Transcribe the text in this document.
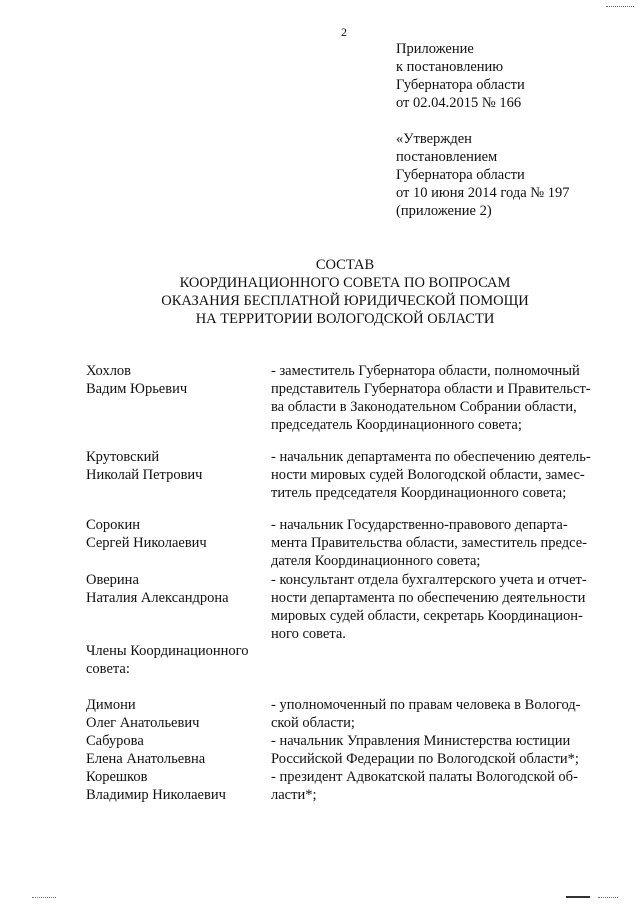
2
Приложение
к постановлению
Губернатора области
от 02.04.2015 № 166
«Утвержден
постановлением
Губернатора области
от 10 июня 2014 года № 197
(приложение 2)
СОСТАВ
КООРДИНАЦИОННОГО СОВЕТА ПО ВОПРОСАМ
ОКАЗАНИЯ БЕСПЛАТНОЙ ЮРИДИЧЕСКОЙ ПОМОЩИ
НА ТЕРРИТОРИИ ВОЛОГОДСКОЙ ОБЛАСТИ
Хохлов
Вадим Юрьевич
- заместитель Губернатора области, полномочный
представитель Губернатора области и Правительст-
ва области в Законодательном Собрании области,
председатель Координационного совета;
Крутовский
Николай Петрович
- начальник департамента по обеспечению деятель-
ности мировых судей Вологодской области, замес-
титель председателя Координационного совета;
Сорокин
Сергей Николаевич
- начальник Государственно-правового департа-
мента Правительства области, заместитель предсе-
дателя Координационного совета;
Оверина
Наталия Александрона
- консультант отдела бухгалтерского учета и отчет-
ности департамента по обеспечению деятельности
мировых судей области, секретарь Координацион-
ного совета.
Члены Координационного
совета:
Димони
Олег Анатольевич
- уполномоченный по правам человека в Вологод-
ской области;
Сабурова
Елена Анатольевна
- начальник Управления Министерства юстиции
Российской Федерации по Вологодской области*;
Корешков
Владимир Николаевич
- президент Адвокатской палаты Вологодской об-
ласти*;
